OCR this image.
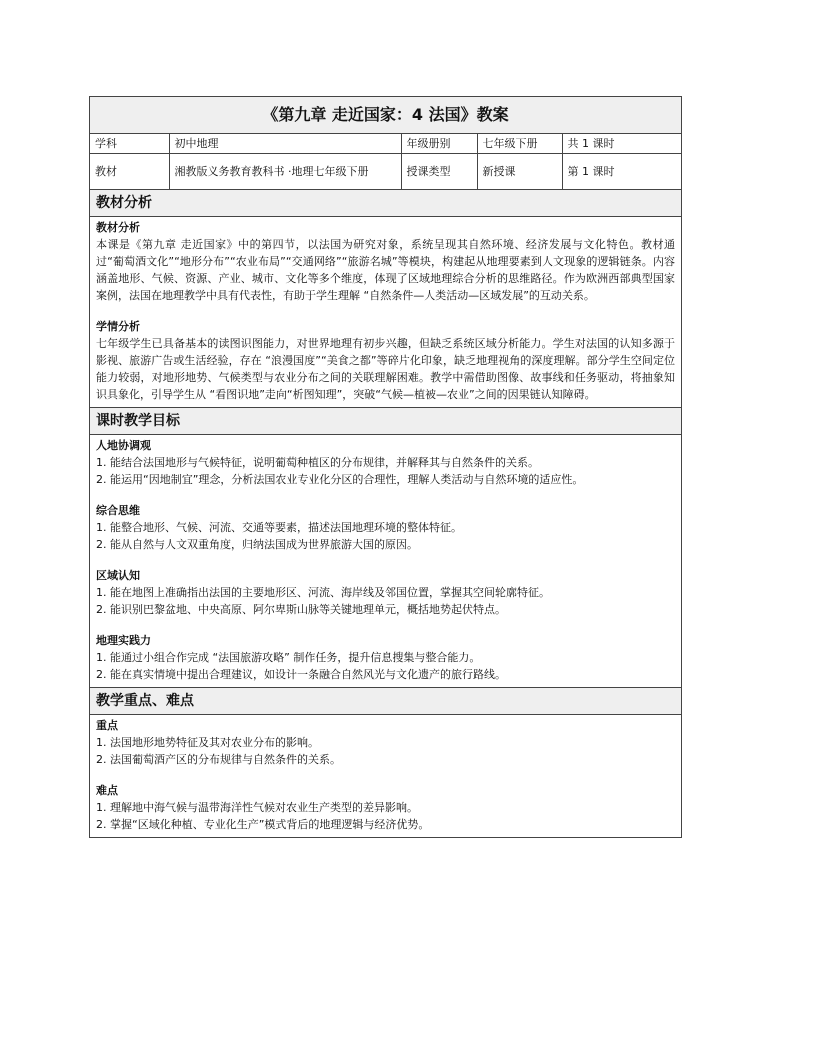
《第九章 走近国家：4 法国》教案
学科	初中地理	年级册别	七年级下册	共 1 课时
教材	湘教版义务教育教科书 ·地理七年级下册	授课类型	新授课	第 1 课时
教材分析
教材分析
本课是《第九章 走近国家》中的第四节，以法国为研究对象，系统呈现其自然环境、经济发展与文化特色。教材通过“葡萄酒文化”“地形分布”“农业布局”“交通网络”“旅游名城”等模块，构建起从地理要素到人文现象的逻辑链条。内容涵盖地形、气候、资源、产业、城市、文化等多个维度，体现了区域地理综合分析的思维路径。作为欧洲西部典型国家案例，法国在地理教学中具有代表性，有助于学生理解 “自然条件—人类活动—区域发展”的互动关系。
学情分析
七年级学生已具备基本的读图识图能力，对世界地理有初步兴趣，但缺乏系统区域分析能力。学生对法国的认知多源于影视、旅游广告或生活经验，存在 “浪漫国度”“美食之都”等碎片化印象，缺乏地理视角的深度理解。部分学生空间定位能力较弱，对地形地势、气候类型与农业分布之间的关联理解困难。教学中需借助图像、故事线和任务驱动，将抽象知识具象化，引导学生从 “看图识地”走向“析图知理”，突破“气候—植被—农业”之间的因果链认知障碍。
课时教学目标
人地协调观
1. 能结合法国地形与气候特征，说明葡萄种植区的分布规律，并解释其与自然条件的关系。
2. 能运用“因地制宜”理念，分析法国农业专业化分区的合理性，理解人类活动与自然环境的适应性。
综合思维
1. 能整合地形、气候、河流、交通等要素，描述法国地理环境的整体特征。
2. 能从自然与人文双重角度，归纳法国成为世界旅游大国的原因。
区域认知
1. 能在地图上准确指出法国的主要地形区、河流、海岸线及邻国位置，掌握其空间轮廓特征。
2. 能识别巴黎盆地、中央高原、阿尔卑斯山脉等关键地理单元，概括地势起伏特点。
地理实践力
1. 能通过小组合作完成 “法国旅游攻略” 制作任务，提升信息搜集与整合能力。
2. 能在真实情境中提出合理建议，如设计一条融合自然风光与文化遗产的旅行路线。
教学重点、难点
重点
1. 法国地形地势特征及其对农业分布的影响。
2. 法国葡萄酒产区的分布规律与自然条件的关系。
难点
1. 理解地中海气候与温带海洋性气候对农业生产类型的差异影响。
2. 掌握“区域化种植、专业化生产”模式背后的地理逻辑与经济优势。
